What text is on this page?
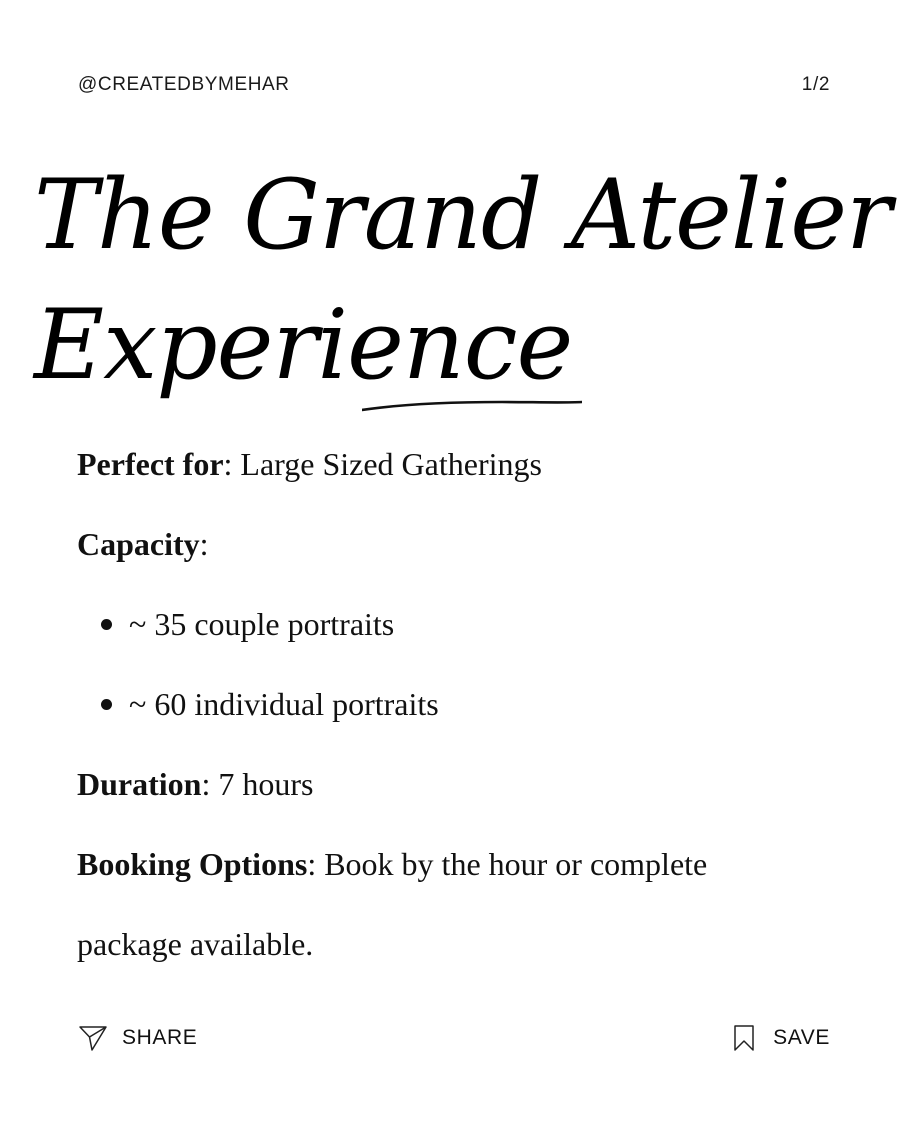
@CREATEDBYMEHAR	1/2
The Grand Atelier
Experience
Perfect for: Large Sized Gatherings
Capacity:
~ 35 couple portraits
~ 60 individual portraits
Duration: 7 hours
Booking Options: Book by the hour or complete
package available.
SHARE	SAVE
